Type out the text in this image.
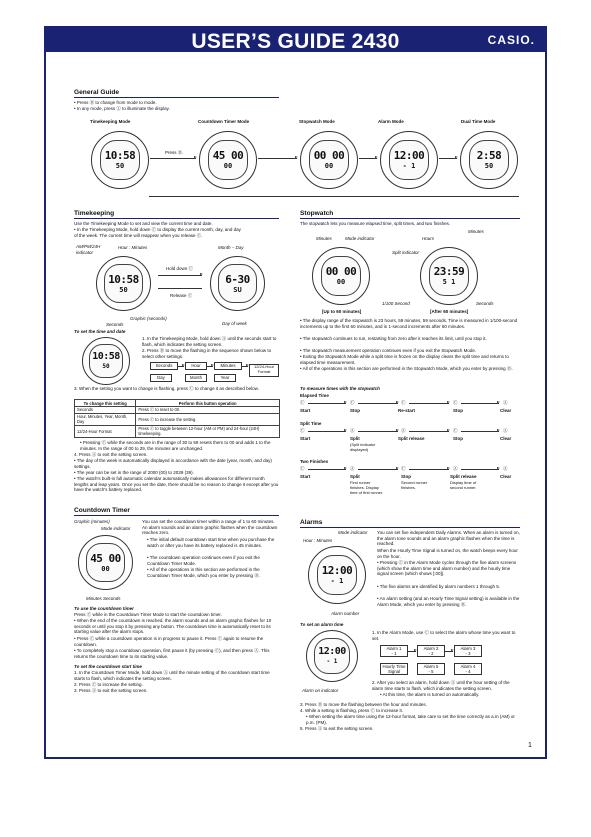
USER’S GUIDE 2430	CASIO.
General Guide
• Press Ⓑ to change from mode to mode.
• In any mode, press Ⓛ to illuminate the display.
Timekeeping Mode	Countdown Timer Mode	Stopwatch Mode	Alarm Mode	Dual Time Mode
10:58
50
45 00
00
00 00
00
12:00
- 1
2:58
50
Press Ⓑ.
Timekeeping
Use the Timekeeping Mode to set and view the current time and date.
• In the Timekeeping Mode, hold down Ⓒ to display the current month, day, and day
of the week. The current time will reappear when you release Ⓒ.
AM/PM/24H indicator
Hour : Minutes	Month – Day
10:58
50
6-30
SU
Hold down Ⓒ
Release Ⓒ
Graphic (seconds)
Seconds	Day of week
To set the time and date
10:58
50
1. In the Timekeeping Mode, hold down Ⓐ until the seconds start to flash, which indicates the setting screen.
2. Press Ⓑ to move the flashing in the sequence shown below to select other settings.
Seconds	Hour	Minutes	12/24-Hour Format
Day	Month	Year
3. When the setting you want to change is flashing, press Ⓒ to change it as described below.
To change this setting	Perform this button operation
Seconds	Press Ⓒ to reset to 00.
Hour, Minutes, Year, Month, Day	Press Ⓒ to increase the setting.
12/24-Hour Format	Press Ⓒ to toggle between 12-hour (AM or PM) and 24-hour (24H) timekeeping.
• Pressing Ⓒ while the seconds are in the range of 30 to 59 resets them to 00 and adds 1 to the minutes. In the range of 00 to 29, the minutes are unchanged.
4. Press Ⓐ to exit the setting screen.
• The day of the week is automatically displayed in accordance with the date (year, month, and day) settings.
• The year can be set in the range of 2000 (00) to 2039 (39).
• The watch's built-in full automatic calendar automatically makes allowances for different month lengths and leap years. Once you set the date, there should be no reason to change it except after you have the watch's battery replaced.
Countdown Timer
Graphic (minutes)
Mode indicator
45 00
00
Minutes Seconds
You can set the countdown timer within a range of 1 to 60 minutes. An alarm sounds and an alarm graphic flashes when the countdown reaches zero.
• The initial default countdown start time when you purchase the watch or after you have its battery replaced is 45 minutes.
• The countdown operation continues even if you exit the Countdown Timer Mode.
• All of the operations in this section are performed in the Countdown Timer Mode, which you enter by pressing Ⓑ.
To use the countdown timer
Press Ⓒ while in the Countdown Timer Mode to start the countdown timer.
• When the end of the countdown is reached, the alarm sounds and an alarm graphic flashes for 10 seconds or until you stop it by pressing any button. The countdown time is automatically reset to its starting value after the alarm stops.
• Press Ⓒ while a countdown operation is in progress to pause it. Press Ⓒ again to resume the countdown.
• To completely stop a countdown operation, first pause it (by pressing Ⓒ), and then press Ⓐ. This returns the countdown time to its starting value.
To set the countdown start time
1. In the Countdown Timer Mode, hold down Ⓐ until the minute setting of the countdown start time starts to flash, which indicates the setting screen.
2. Press Ⓒ to increase the setting.
3. Press Ⓐ to exit the setting screen.
Stopwatch
The stopwatch lets you measure elapsed time, split times, and two finishes.
Minutes	Mode indicator	Hours
Minutes
Split indicator
00 00
00
23:59
5 1
1/100 Second	Seconds
[Up to 60 minutes]	[After 60 minutes]
• The display range of the stopwatch is 23 hours, 59 minutes, 59 seconds. Time is measured in 1/100-second increments up to the first 60 minutes, and in 1-second increments after 60 minutes.
• The stopwatch continues to run, restarting from zero after it reaches its limit, until you stop it.
• The stopwatch measurement operation continues even if you exit the Stopwatch Mode.
• Exiting the Stopwatch Mode while a split time is frozen on the display clears the split time and returns to elapsed time measurement.
• All of the operations in this section are performed in the Stopwatch Mode, which you enter by pressing Ⓑ.
To measure times with the stopwatch
Elapsed Time
Ⓒ	Ⓒ	Ⓒ	Ⓒ	Ⓐ
Start	Stop	Re-start	Stop	Clear
Split Time
Ⓒ	Ⓐ	Ⓐ	Ⓒ	Ⓐ
Start	Split	Split release	Stop	Clear
(Split indicator displayed)
Two Finishes
Ⓒ	Ⓐ	Ⓒ	Ⓐ	Ⓐ
Start	Split	Stop	Split release	Clear
First runner finishes. Display time of first runner.
Second runner finishes.
Display time of second runner.
Alarms
Mode indicator
Hour : Minutes
12:00
- 1
Alarm number
You can set five independent Daily Alarms. When an alarm is turned on, the alarm tone sounds and an alarm graphic flashes when the time is reached.
When the Hourly Time Signal is turned on, the watch beeps every hour on the hour.
• Pressing Ⓒ in the Alarm Mode cycles through the five alarm screens (which show the alarm time and alarm number) and the hourly time signal screen (which shows [:00]).
• The five alarms are identified by alarm numbers 1 through 5.
• An alarm setting (and an Hourly Time Signal setting) is available in the Alarm Mode, which you enter by pressing Ⓑ.
To set an alarm time
12:00
- 1
Alarm on indicator
1. In the Alarm Mode, use Ⓒ to select the alarm whose time you want to set.
Alarm 1
- 1
Alarm 2
- 2
Alarm 3
- 3
Hourly Time Signal
Alarm 5
- 5
Alarm 4
- 4
2. After you select an alarm, hold down Ⓐ until the hour setting of the alarm time starts to flash, which indicates the setting screen.
• At this time, the alarm is turned on automatically.
3. Press Ⓑ to move the flashing between the hour and minutes.
4. While a setting is flashing, press Ⓒ to increase it.
• When setting the alarm time using the 12-hour format, take care to set the time correctly as a.m (AM) or p.m. (PM).
5. Press Ⓐ to exit the setting screen.
1
